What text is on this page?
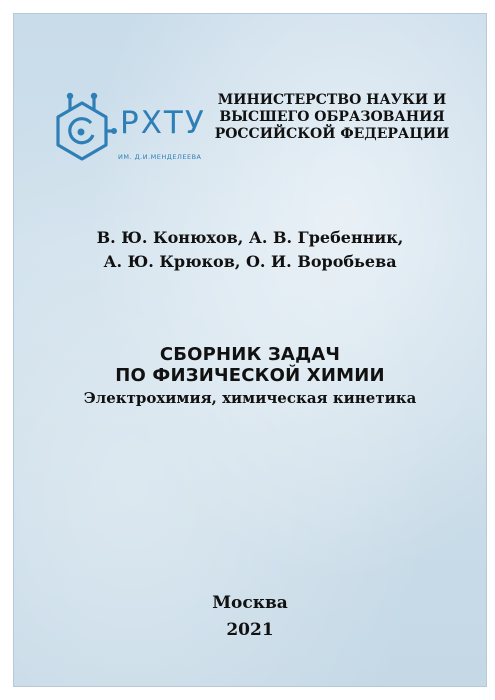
РХТУ
ИМ. Д.И.МЕНДЕЛЕЕВА
МИНИСТЕРСТВО НАУКИ И
ВЫСШЕГО ОБРАЗОВАНИЯ
РОССИЙСКОЙ ФЕДЕРАЦИИ
В. Ю. Конюхов, А. В. Гребенник,
А. Ю. Крюков, О. И. Воробьева
СБОРНИК ЗАДАЧ
ПО ФИЗИЧЕСКОЙ ХИМИИ
Электрохимия, химическая кинетика
Москва
2021
